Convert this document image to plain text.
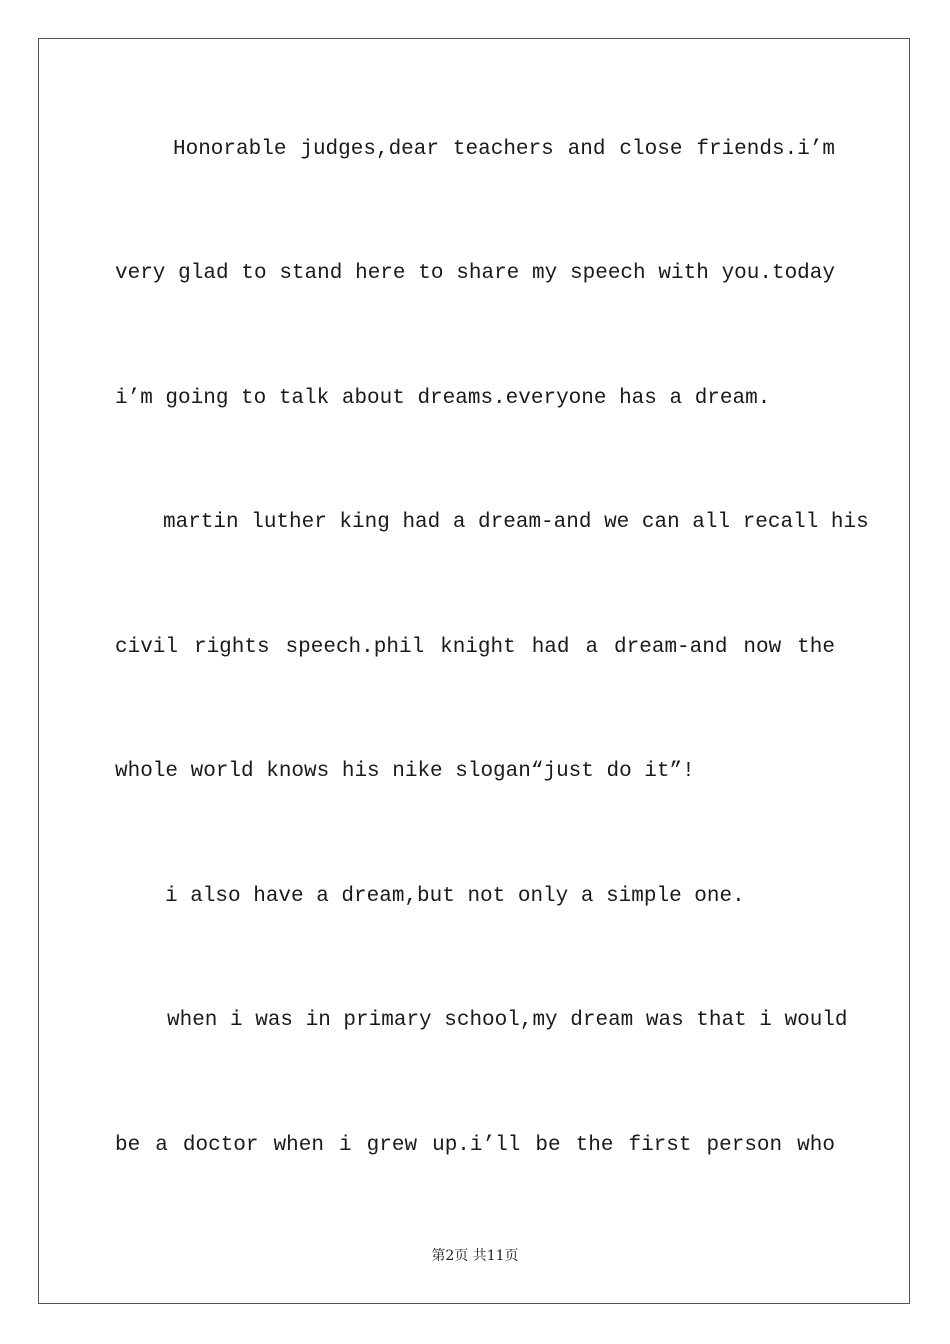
Honorable judges,dear teachers and close friends.i’m

very glad to stand here to share my speech with you.today

i’m going to talk about dreams.everyone has a dream.

martin luther king had a dream-and we can all recall his

civil rights speech.phil knight had a dream-and now the

whole world knows his nike slogan“just do it”!

i also have a dream,but not only a simple one.

when i was in primary school,my dream was that i would

be a doctor when i grew up.i’ll be the first person who

第2页 共11页
